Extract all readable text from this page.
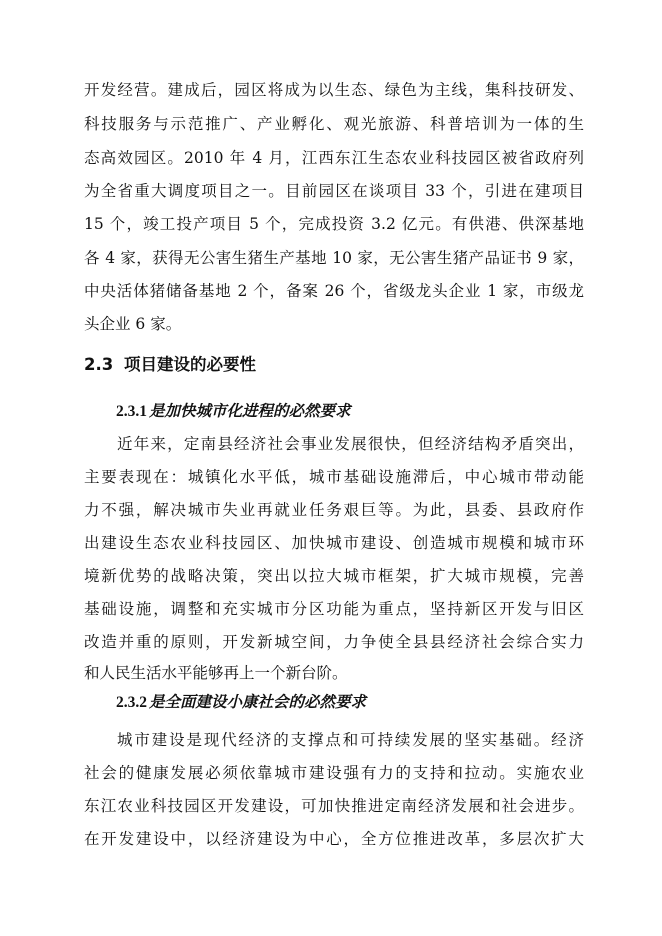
开发经营。建成后，园区将成为以生态、绿色为主线，集科技研发、
科技服务与示范推广、产业孵化、观光旅游、科普培训为一体的生
态高效园区。2010 年 4 月，江西东江生态农业科技园区被省政府列
为全省重大调度项目之一。目前园区在谈项目 33 个，引进在建项目
15 个，竣工投产项目 5 个，完成投资 3.2 亿元。有供港、供深基地
各 4 家，获得无公害生猪生产基地 10 家，无公害生猪产品证书 9 家，
中央活体猪储备基地 2 个，备案 26 个，省级龙头企业 1 家，市级龙
头企业 6 家。
2.3 项目建设的必要性
2.3.1 是加快城市化进程的必然要求
近年来，定南县经济社会事业发展很快，但经济结构矛盾突出，
主要表现在：城镇化水平低，城市基础设施滞后，中心城市带动能
力不强，解决城市失业再就业任务艰巨等。为此，县委、县政府作
出建设生态农业科技园区、加快城市建设、创造城市规模和城市环
境新优势的战略决策，突出以拉大城市框架，扩大城市规模，完善
基础设施，调整和充实城市分区功能为重点，坚持新区开发与旧区
改造并重的原则，开发新城空间，力争使全县县经济社会综合实力
和人民生活水平能够再上一个新台阶。
2.3.2 是全面建设小康社会的必然要求
城市建设是现代经济的支撑点和可持续发展的坚实基础。经济
社会的健康发展必须依靠城市建设强有力的支持和拉动。实施农业
东江农业科技园区开发建设，可加快推进定南经济发展和社会进步。
在开发建设中，以经济建设为中心，全方位推进改革，多层次扩大
